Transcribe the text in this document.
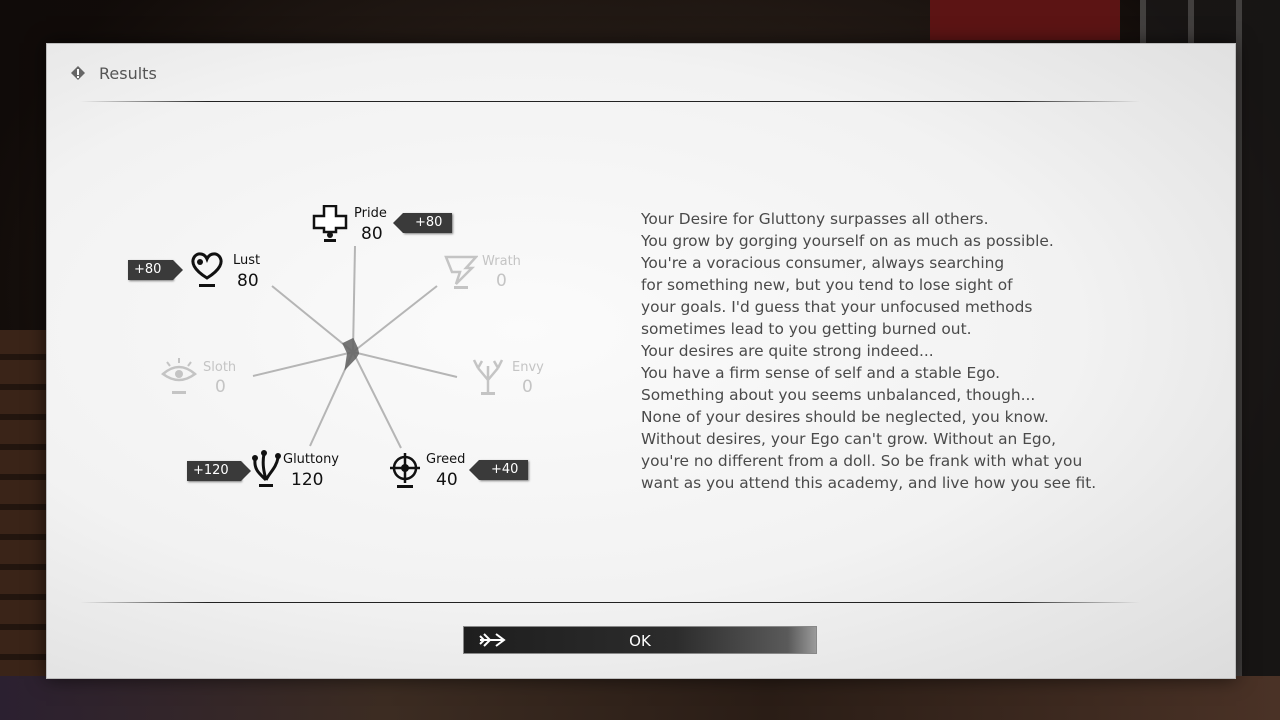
Results
Pride
80
+80
Wrath
0
Envy
0
Greed
40
+40
Gluttony
120
+120
Sloth
0
Lust
80
+80
Your Desire for Gluttony surpasses all others.
You grow by gorging yourself on as much as possible.
You're a voracious consumer, always searching
for something new, but you tend to lose sight of
your goals. I'd guess that your unfocused methods
sometimes lead to you getting burned out.
Your desires are quite strong indeed...
You have a firm sense of self and a stable Ego.
Something about you seems unbalanced, though...
None of your desires should be neglected, you know.
Without desires, your Ego can't grow. Without an Ego,
you're no different from a doll. So be frank with what you
want as you attend this academy, and live how you see fit.
OK
